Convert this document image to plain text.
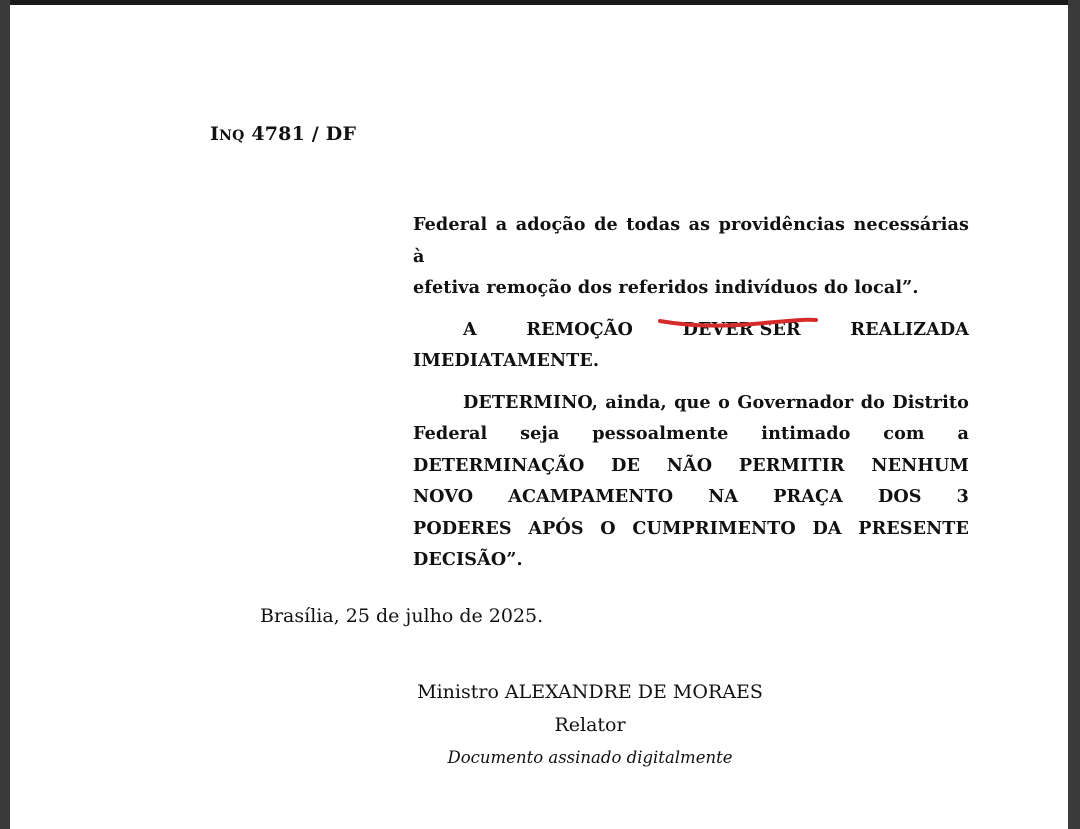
INQ 4781 / DF

Federal a adoção de todas as providências necessárias à
efetiva remoção dos referidos indivíduos do local”.

A REMOÇÃO	DEVER SER	REALIZADA
IMEDIATAMENTE.

DETERMINO, ainda, que o Governador do Distrito
Federal seja pessoalmente intimado com a
DETERMINAÇÃO DE NÃO PERMITIR NENHUM
NOVO ACAMPAMENTO NA PRAÇA DOS 3
PODERES APÓS O CUMPRIMENTO DA PRESENTE
DECISÃO”.

Brasília, 25 de julho de 2025.
Ministro ALEXANDRE DE MORAES
Relator
Documento assinado digitalmente
